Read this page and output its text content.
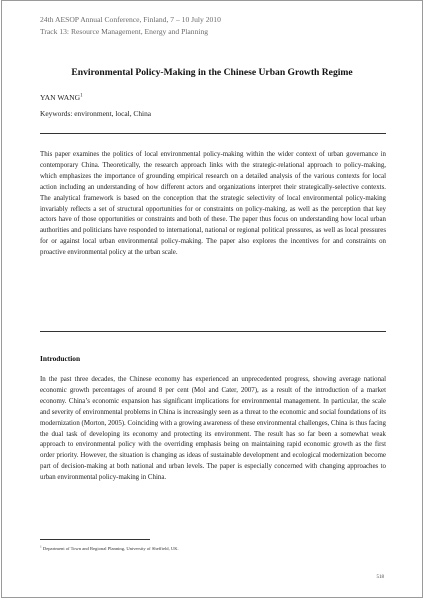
24th AESOP Annual Conference, Finland, 7 – 10 July 2010
Track 13: Resource Management, Energy and Planning
Environmental Policy-Making in the Chinese Urban Growth Regime
YAN WANG$^1$
Keywords: environment, local, China

This paper examines the politics of local environmental policy-making within the wider context of urban governance in contemporary China. Theoretically, the research approach links with the strategic-relational approach to policy-making, which emphasizes the importance of grounding empirical research on a detailed analysis of the various contexts for local action including an understanding of how different actors and organizations interpret their strategically-selective contexts. The analytical framework is based on the conception that the strategic selectivity of local environmental policy-making invariably reflects a set of structural opportunities for or constraints on policy-making, as well as the perception that key actors have of those opportunities or constraints and both of these. The paper thus focus on understanding how local urban authorities and politicians have responded to international, national or regional political pressures, as well as local pressures for or against local urban environmental policy-making. The paper also explores the incentives for and constraints on proactive environmental policy at the urban scale.

Introduction

In the past three decades, the Chinese economy has experienced an unprecedented progress, showing average national economic growth percentages of around 8 per cent (Mol and Cater, 2007), as a result of the introduction of a market economy. China’s economic expansion has significant implications for environmental management. In particular, the scale and severity of environmental problems in China is increasingly seen as a threat to the economic and social foundations of its modernization (Morton, 2005). Coinciding with a growing awareness of these environmental challenges, China is thus facing the dual task of developing its economy and protecting its environment. The result has so far been a somewhat weak approach to environmental policy with the overriding emphasis being on maintaining rapid economic growth as the first order priority. However, the situation is changing as ideas of sustainable development and ecological modernization become part of decision-making at both national and urban levels. The paper is especially concerned with changing approaches to urban environmental policy-making in China.

$^1$ Department of Town and Regional Planning, University of Sheffield, UK.
518
